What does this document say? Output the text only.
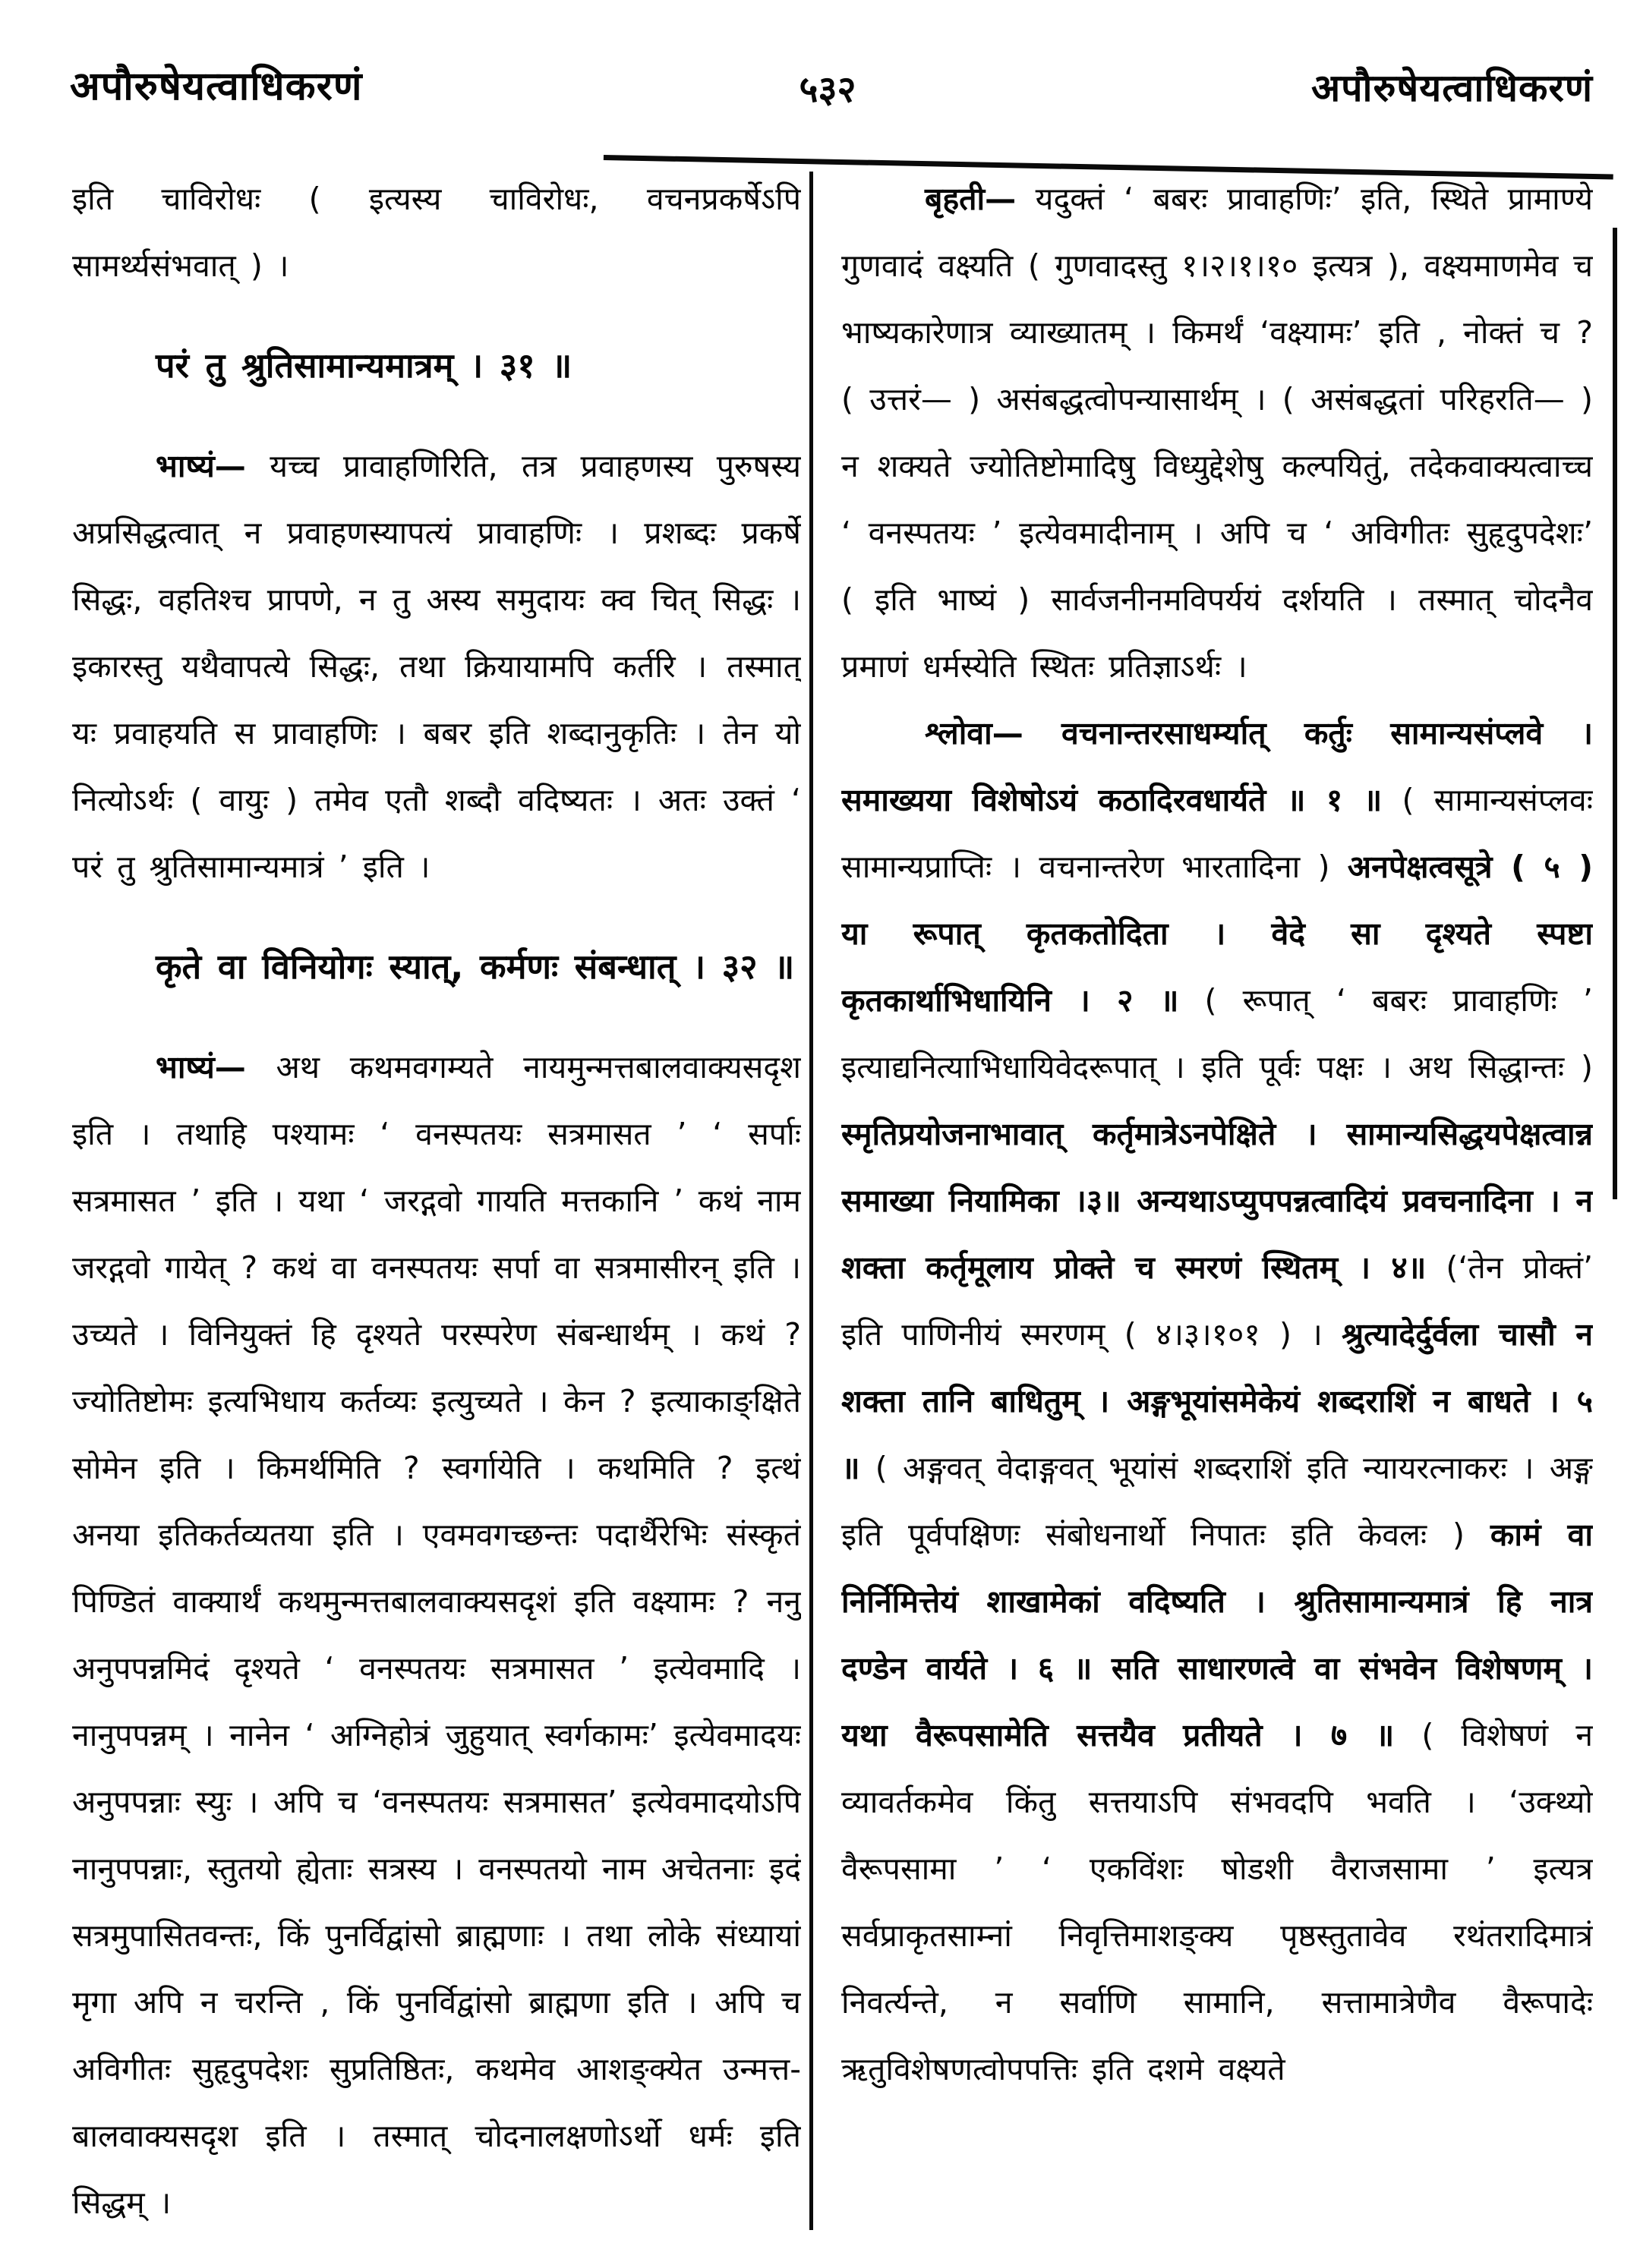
अपौरुषेयत्वाधिकरणं	५३२	अपौरुषेयत्वाधिकरणं

इति चाविरोधः ( इत्यस्य चाविरोधः, वचनप्रकर्षेऽपि सामर्थ्यसंभवात् ) ।

परं तु श्रुतिसामान्यमात्रम् । ३१ ॥

भाष्यं— यच्च प्रावाहणिरिति, तत्र प्रवाहणस्य पुरुषस्य अप्रसिद्धत्वात् न प्रवाहणस्यापत्यं प्रावाहणिः । प्रशब्दः प्रकर्षे सिद्धः, वहतिश्च प्रापणे, न तु अस्य समुदायः क्व चित् सिद्धः । इकारस्तु यथैवापत्ये सिद्धः, तथा क्रियायामपि कर्तरि । तस्मात् यः प्रवाहयति स प्रावाहणिः । बबर इति शब्दानुकृतिः । तेन यो नित्योऽर्थः ( वायुः ) तमेव एतौ शब्दौ वदिष्यतः । अतः उक्तं ‘ परं तु श्रुतिसामान्यमात्रं ’ इति ।

कृते वा विनियोगः स्यात्, कर्मणः संबन्धात् । ३२ ॥

भाष्यं— अथ कथमवगम्यते नायमुन्मत्तबालवाक्यसदृश इति । तथाहि पश्यामः ‘ वनस्पतयः सत्रमासत ’ ‘ सर्पाः सत्रमासत ’ इति । यथा ‘ जरद्गवो गायति मत्तकानि ’ कथं नाम जरद्गवो गायेत् ? कथं वा वनस्पतयः सर्पा वा सत्रमासीरन् इति । उच्यते । विनियुक्तं हि दृश्यते परस्परेण संबन्धार्थम् । कथं ? ज्योतिष्टोमः इत्यभिधाय कर्तव्यः इत्युच्यते । केन ? इत्याकाङ्क्षिते सोमेन इति । किमर्थमिति ? स्वर्गायेति । कथमिति ? इत्थं अनया इतिकर्तव्यतया इति । एवमवगच्छन्तः पदार्थैरेभिः संस्कृतं पिण्डितं वाक्यार्थं कथमुन्मत्तबालवाक्यसदृशं इति वक्ष्यामः ? ननु अनुपपन्नमिदं दृश्यते ‘ वनस्पतयः सत्रमासत ’ इत्येवमादि । नानुपपन्नम् । नानेन ‘ अग्निहोत्रं जुहुयात् स्वर्गकामः’ इत्येवमादयः अनुपपन्नाः स्युः । अपि च ‘वनस्पतयः सत्रमासत’ इत्येवमादयोऽपि नानुपपन्नाः, स्तुतयो ह्येताः सत्रस्य । वनस्पतयो नाम अचेतनाः इदं सत्रमुपासितवन्तः, किं पुनर्विद्वांसो ब्राह्मणाः । तथा लोके संध्यायां मृगा अपि न चरन्ति , किं पुनर्विद्वांसो ब्राह्मणा इति । अपि च अविगीतः सुहृदुपदेशः सुप्रतिष्ठितः, कथमेव आशङ्क्येत उन्मत्त-बालवाक्यसदृश इति । तस्मात् चोदनालक्षणोऽर्थो धर्मः इति सिद्धम् ।

बृहती— यदुक्तं ‘ बबरः प्रावाहणिः’ इति, स्थिते प्रामाण्ये गुणवादं वक्ष्यति ( गुणवादस्तु १।२।१।१० इत्यत्र ), वक्ष्यमाणमेव च भाष्यकारेणात्र व्याख्यातम् । किमर्थं ‘वक्ष्यामः’ इति , नोक्तं च ? ( उत्तरं— ) असंबद्धत्वोपन्यासार्थम् । ( असंबद्धतां परिहरति— ) न शक्यते ज्योतिष्टोमादिषु विध्युद्देशेषु कल्पयितुं, तदेकवाक्यत्वाच्च ‘ वनस्पतयः ’ इत्येवमादीनाम् । अपि च ‘ अविगीतः सुहृदुपदेशः’ ( इति भाष्यं ) सार्वजनीनमविपर्ययं दर्शयति । तस्मात् चोदनैव प्रमाणं धर्मस्येति स्थितः प्रतिज्ञाऽर्थः ।

श्लोवा— वचनान्तरसाधर्म्यात् कर्तुः सामान्यसंप्लवे । समाख्यया विशेषोऽयं कठादिरवधार्यते ॥ १ ॥ ( सामान्यसंप्लवः सामान्यप्राप्तिः । वचनान्तरेण भारतादिना ) अनपेक्षत्वसूत्रे ( ५ ) या रूपात् कृतकतोदिता । वेदे सा दृश्यते स्पष्टा कृतकार्थाभिधायिनि । २ ॥ ( रूपात् ‘ बबरः प्रावाहणिः ’ इत्याद्यनित्याभिधायिवेदरूपात् । इति पूर्वः पक्षः । अथ सिद्धान्तः ) स्मृतिप्रयोजनाभावात् कर्तृमात्रेऽनपेक्षिते । सामान्यसिद्धयपेक्षत्वान्न समाख्या नियामिका ।३॥ अन्यथाऽप्युपपन्नत्वादियं प्रवचनादिना । न शक्ता कर्तृमूलाय प्रोक्ते च स्मरणं स्थितम् । ४॥ (‘तेन प्रोक्तं’ इति पाणिनीयं स्मरणम् ( ४।३।१०१ ) । श्रुत्यादेर्दुर्वला चासौ न शक्ता तानि बाधितुम् । अङ्गभूयांसमेकेयं शब्दराशिं न बाधते । ५ ॥ ( अङ्गवत् वेदाङ्गवत् भूयांसं शब्दराशिं इति न्यायरत्नाकरः । अङ्ग इति पूर्वपक्षिणः संबोधनार्थो निपातः इति केवलः ) कामं वा निर्निमित्तेयं शाखामेकां वदिष्यति । श्रुतिसामान्यमात्रं हि नात्र दण्डेन वार्यते । ६ ॥ सति साधारणत्वे वा संभवेन विशेषणम् । यथा वैरूपसामेति सत्तयैव प्रतीयते । ७ ॥ ( विशेषणं न व्यावर्तकमेव किंतु सत्तयाऽपि संभवदपि भवति । ‘उक्थ्यो वैरूपसामा ’ ‘ एकविंशः षोडशी वैराजसामा ’ इत्यत्र सर्वप्राकृतसाम्नां निवृत्तिमाशङ्क्य पृष्ठस्तुतावेव रथंतरादिमात्रं निवर्त्यन्ते, न सर्वाणि सामानि, सत्तामात्रेणैव वैरूपादेः ऋतुविशेषणत्वोपपत्तिः इति दशमे वक्ष्यते
